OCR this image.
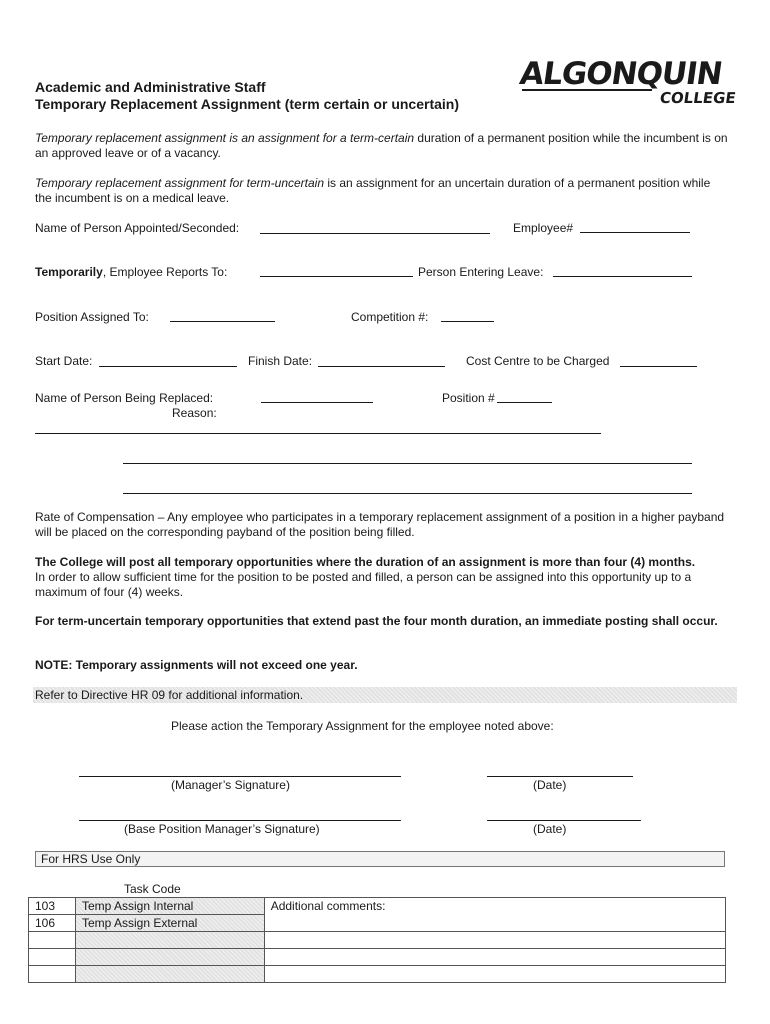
Academic and Administrative Staff
Temporary Replacement Assignment (term certain or uncertain)
ALGONQUIN
COLLEGE
Temporary replacement assignment is an assignment for a term-certain duration of a permanent position while the incumbent is on an approved leave or of a vacancy.
Temporary replacement assignment for term-uncertain is an assignment for an uncertain duration of a permanent position while the incumbent is on a medical leave.
Name of Person Appointed/Seconded:	Employee#
Temporarily, Employee Reports To:	Person Entering Leave:
Position Assigned To:	Competition #:
Start Date:	Finish Date:	Cost Centre to be Charged
Name of Person Being Replaced:	Position #
Reason:
Rate of Compensation – Any employee who participates in a temporary replacement assignment of a position in a higher payband will be placed on the corresponding payband of the position being filled.
The College will post all temporary opportunities where the duration of an assignment is more than four (4) months.
In order to allow sufficient time for the position to be posted and filled, a person can be assigned into this opportunity up to a maximum of four (4) weeks.
For term-uncertain temporary opportunities that extend past the four month duration, an immediate posting shall occur.
NOTE: Temporary assignments will not exceed one year.
Refer to Directive HR 09 for additional information.
Please action the Temporary Assignment for the employee noted above:
(Manager’s Signature)	(Date)
(Base Position Manager’s Signature)	(Date)
For HRS Use Only
Task Code
103	Temp Assign Internal	Additional comments:
106	Temp Assign External	
